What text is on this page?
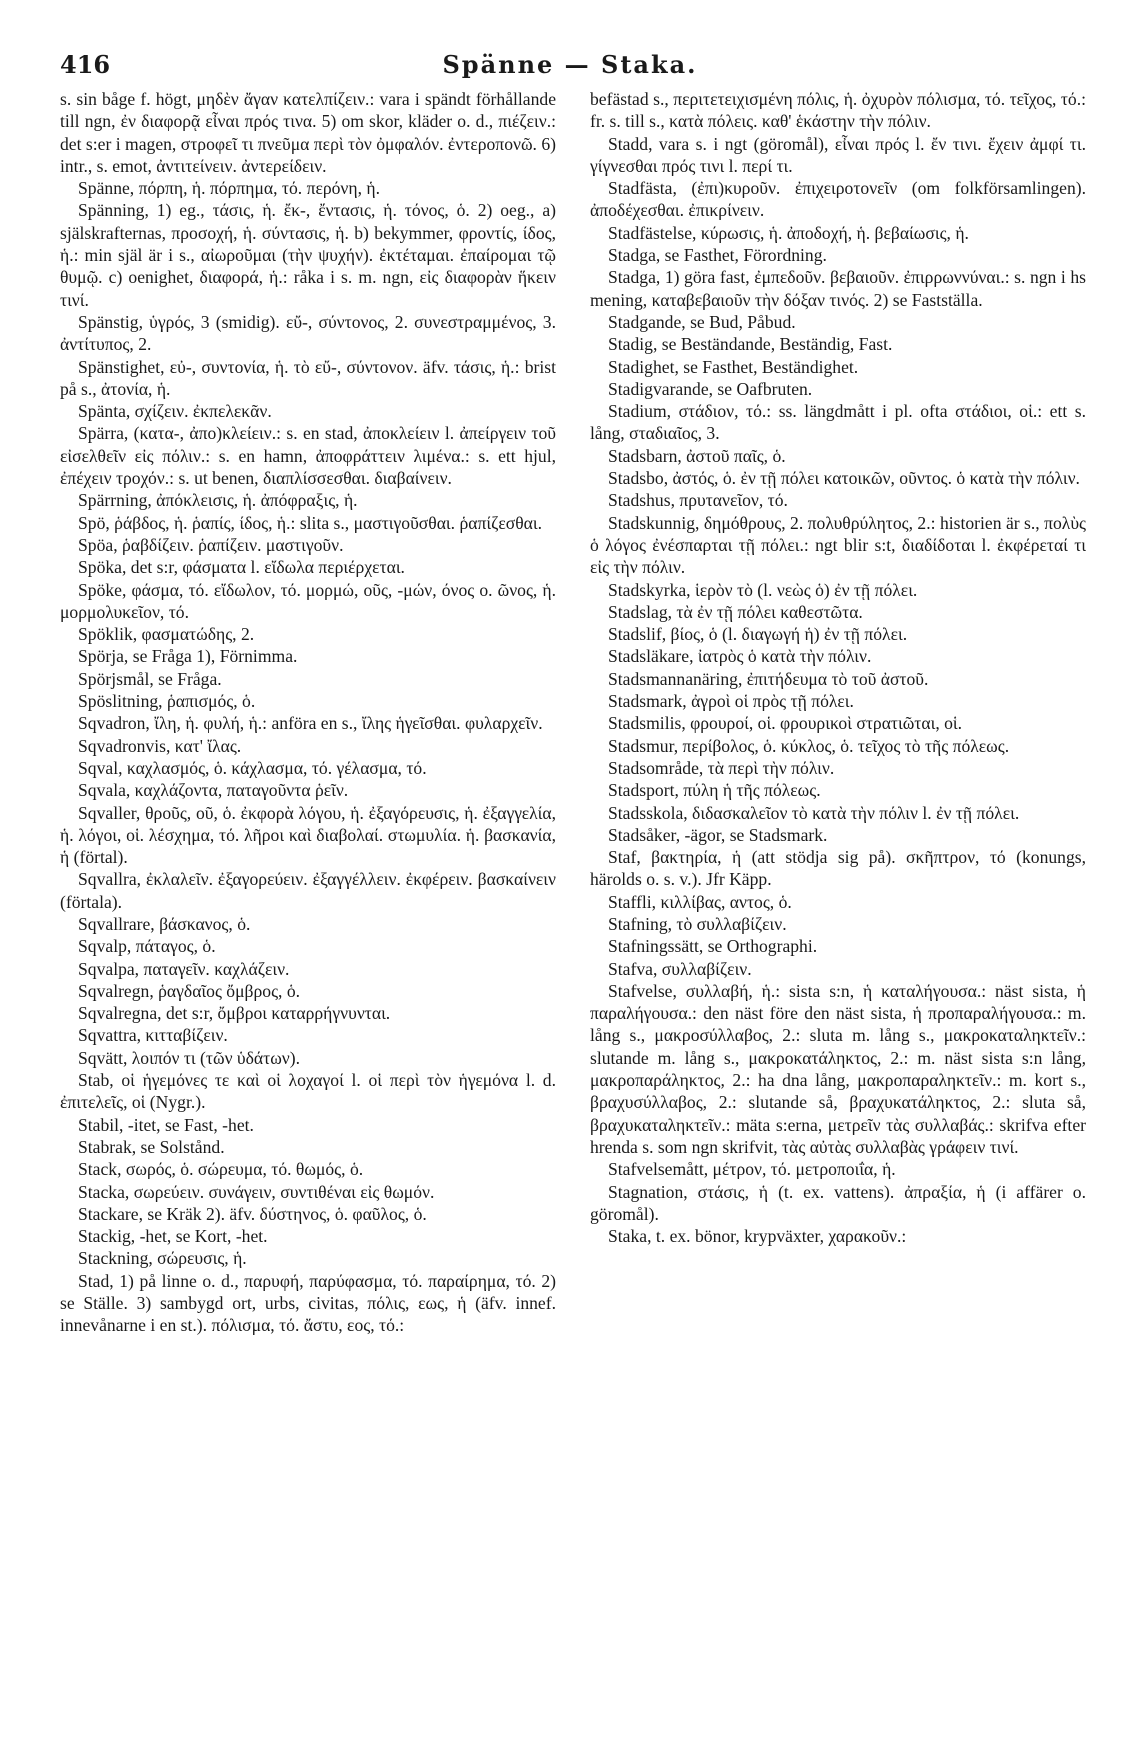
416	Spänne — Staka.

s. sin båge f. högt, μηδὲν ἄγαν κατελπίζειν.: vara i spändt förhållande till ngn, ἐν διαφορᾷ εἶναι πρός τινα. 5) om skor, kläder o. d., πιέζειν.: det s:er i magen, στροφεῖ τι πνεῦμα περὶ τὸν ὀμφαλόν. ἐντεροπονῶ. 6) intr., s. emot, ἀντιτείνειν. ἀντερείδειν.

Spänne, πόρπη, ἡ. πόρπημα, τό. περόνη, ἡ.

Spänning, 1) eg., τάσις, ἡ. ἔκ-, ἔντασις, ἡ. τόνος, ὁ. 2) oeg., a) själskrafternas, προσοχή, ἡ. σύντασις, ἡ. b) bekymmer, φροντίς, ίδος, ἡ.: min själ är i s., αἰωροῦμαι (τὴν ψυχήν). ἐκτέταμαι. ἐπαίρομαι τῷ θυμῷ. c) oenighet, διαφορά, ἡ.: råka i s. m. ngn, εἰς διαφορὰν ἥκειν τινί.

Spänstig, ὑγρός, 3 (smidig). εὔ-, σύντονος, 2. συνεστραμμένος, 3. ἀντίτυπος, 2.

Spänstighet, εὐ-, συντονία, ἡ. τὸ εὔ-, σύντονον. äfv. τάσις, ἡ.: brist på s., ἀτονία, ἡ.

Spänta, σχίζειν. ἐκπελεκᾶν.

Spärra, (κατα-, ἀπο)κλείειν.: s. en stad, ἀποκλείειν l. ἀπείργειν τοῦ εἰσελθεῖν εἰς πόλιν.: s. en hamn, ἀποφράττειν λιμένα.: s. ett hjul, ἐπέχειν τροχόν.: s. ut benen, διαπλίσσεσθαι. διαβαίνειν.

Spärrning, ἀπόκλεισις, ἡ. ἀπόφραξις, ἡ.

Spö, ῥάβδος, ἡ. ῥαπίς, ίδος, ἡ.: slita s., μαστιγοῦσθαι. ῥαπίζεσθαι.

Spöa, ῥαβδίζειν. ῥαπίζειν. μαστιγοῦν.

Spöka, det s:r, φάσματα l. εἴδωλα περιέρχεται.

Spöke, φάσμα, τό. εἴδωλον, τό. μορμώ, οῦς, -μών, όνος o. ῶνος, ἡ. μορμολυκεῖον, τό.

Spöklik, φασματώδης, 2.

Spörja, se Fråga 1), Förnimma.

Spörjsmål, se Fråga.

Spöslitning, ῥαπισμός, ὁ.

Sqvadron, ἴλη, ἡ. φυλή, ἡ.: anföra en s., ἴλης ἡγεῖσθαι. φυλαρχεῖν.

Sqvadronvis, κατ' ἴλας.

Sqval, καχλασμός, ὁ. κάχλασμα, τό. γέλασμα, τό.

Sqvala, καχλάζοντα, παταγοῦντα ῥεῖν.

Sqvaller, θροῦς, οῦ, ὁ. ἐκφορὰ λόγου, ἡ. ἐξαγόρευσις, ἡ. ἐξαγγελία, ἡ. λόγοι, οἱ. λέσχημα, τό. λῆροι καὶ διαβολαί. στωμυλία. ἡ. βασκανία, ἡ (förtal).

Sqvallra, ἐκλαλεῖν. ἐξαγορεύειν. ἐξαγγέλλειν. ἐκφέρειν. βασκαίνειν (förtala).

Sqvallrare, βάσκανος, ὁ.

Sqvalp, πάταγος, ὁ.

Sqvalpa, παταγεῖν. καχλάζειν.

Sqvalregn, ῥαγδαῖος ὄμβρος, ὁ.

Sqvalregna, det s:r, ὄμβροι καταρρήγνυνται.

Sqvattra, κιτταβίζειν.

Sqvätt, λοιπόν τι (τῶν ὑδάτων).

Stab, οἱ ἡγεμόνες τε καὶ οἱ λοχαγοί l. οἱ περὶ τὸν ἡγεμόνα l. d. ἐπιτελεῖς, οἱ (Nygr.).

Stabil, -itet, se Fast, -het.

Stabrak, se Solstånd.

Stack, σωρός, ὁ. σώρευμα, τό. θωμός, ὁ.

Stacka, σωρεύειν. συνάγειν, συντιθέναι εἰς θωμόν.

Stackare, se Kräk 2). äfv. δύστηνος, ὁ. φαῦλος, ὁ.

Stackig, -het, se Kort, -het.

Stackning, σώρευσις, ἡ.

Stad, 1) på linne o. d., παρυφή, παρύφασμα, τό. παραίρημα, τό. 2) se Ställe. 3) sambygd ort, urbs, civitas, πόλις, εως, ἡ (äfv. innef. innevånarne i en st.). πόλισμα, τό. ἄστυ, εος, τό.:

befästad s., περιτετειχισμένη πόλις, ἡ. ὀχυρὸν πόλισμα, τό. τεῖχος, τό.: fr. s. till s., κατὰ πόλεις. καθ' ἑκάστην τὴν πόλιν.

Stadd, vara s. i ngt (göromål), εἶναι πρός l. ἔν τινι. ἔχειν ἀμφί τι. γίγνεσθαι πρός τινι l. περί τι.

Stadfästa, (ἐπι)κυροῦν. ἐπιχειροτονεῖν (om folkförsamlingen). ἀποδέχεσθαι. ἐπικρίνειν.

Stadfästelse, κύρωσις, ἡ. ἀποδοχή, ἡ. βεβαίωσις, ἡ.

Stadga, se Fasthet, Förordning.

Stadga, 1) göra fast, ἐμπεδοῦν. βεβαιοῦν. ἐπιρρωννύναι.: s. ngn i hs mening, καταβεβαιοῦν τὴν δόξαν τινός. 2) se Fastställa.

Stadgande, se Bud, Påbud.

Stadig, se Beständande, Beständig, Fast.

Stadighet, se Fasthet, Beständighet.

Stadigvarande, se Oafbruten.

Stadium, στάδιον, τό.: ss. längdmått i pl. ofta στάδιοι, οἱ.: ett s. lång, σταδιαῖος, 3.

Stadsbarn, ἀστοῦ παῖς, ὁ.

Stadsbo, ἀστός, ὁ. ἐν τῇ πόλει κατοικῶν, οῦντος. ὁ κατὰ τὴν πόλιν.

Stadshus, πρυτανεῖον, τό.

Stadskunnig, δημόθρους, 2. πολυθρύλητος, 2.: historien är s., πολὺς ὁ λόγος ἐνέσπαρται τῇ πόλει.: ngt blir s:t, διαδίδοται l. ἐκφέρεταί τι εἰς τὴν πόλιν.

Stadskyrka, ἱερὸν τὸ (l. νεὼς ὁ) ἐν τῇ πόλει.

Stadslag, τὰ ἐν τῇ πόλει καθεστῶτα.

Stadslif, βίος, ὁ (l. διαγωγή ἡ) ἐν τῇ πόλει.

Stadsläkare, ἰατρὸς ὁ κατὰ τὴν πόλιν.

Stadsmannanäring, ἐπιτήδευμα τὸ τοῦ ἀστοῦ.

Stadsmark, ἀγροὶ οἱ πρὸς τῇ πόλει.

Stadsmilis, φρουροί, οἱ. φρουρικοὶ στρατιῶται, οἱ.

Stadsmur, περίβολος, ὁ. κύκλος, ὁ. τεῖχος τὸ τῆς πόλεως.

Stadsområde, τὰ περὶ τὴν πόλιν.

Stadsport, πύλη ἡ τῆς πόλεως.

Stadsskola, διδασκαλεῖον τὸ κατὰ τὴν πόλιν l. ἐν τῇ πόλει.

Stadsåker, -ägor, se Stadsmark.

Staf, βακτηρία, ἡ (att stödja sig på). σκῆπτρον, τό (konungs, härolds o. s. v.). Jfr Käpp.

Staffli, κιλλίβας, αντος, ὁ.

Stafning, τὸ συλλαβίζειν.

Stafningssätt, se Orthographi.

Stafva, συλλαβίζειν.

Stafvelse, συλλαβή, ἡ.: sista s:n, ἡ καταλήγουσα.: näst sista, ἡ παραλήγουσα.: den näst före den näst sista, ἡ προπαραλήγουσα.: m. lång s., μακροσύλλαβος, 2.: sluta m. lång s., μακροκαταληκτεῖν.: slutande m. lång s., μακροκατάληκτος, 2.: m. näst sista s:n lång, μακροπαράληκτος, 2.: ha dna lång, μακροπαραληκτεῖν.: m. kort s., βραχυσύλλαβος, 2.: slutande så, βραχυκατάληκτος, 2.: sluta så, βραχυκαταληκτεῖν.: mäta s:erna, μετρεῖν τὰς συλλαβάς.: skrifva efter hrenda s. som ngn skrifvit, τὰς αὐτὰς συλλαβὰς γράφειν τινί.

Stafvelsemått, μέτρον, τό. μετροποιΐα, ἡ.

Stagnation, στάσις, ἡ (t. ex. vattens). ἀπραξία, ἡ (i affärer o. göromål).

Staka, t. ex. bönor, krypväxter, χαρακοῦν.:
